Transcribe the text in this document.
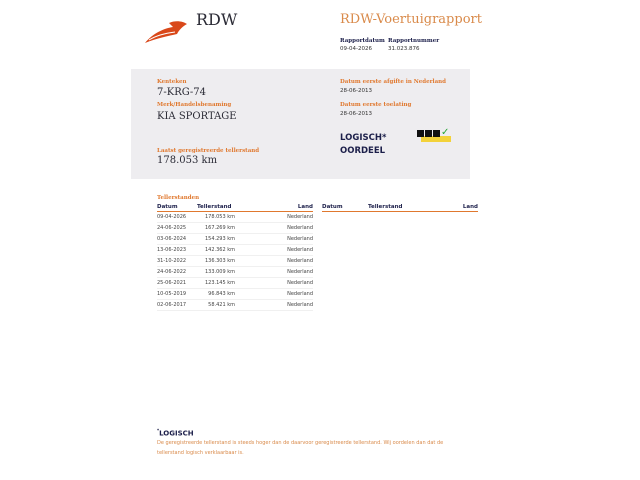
RDW	RDW-Voertuigrapport
Rapportdatum
09-04-2026
Rapportnummer
31.023.876
Kenteken
7-KRG-74
Merk/Handelsbenaming
KIA SPORTAGE
Laatst geregistreerde tellerstand
178.053 km
Datum eerste afgifte in Nederland
28-06-2013
Datum eerste toelating
28-06-2013
LOGISCH*
OORDEEL
✓
Tellerstanden
Datum	Tellerstand	Land
09-04-2026	178.053 km	Nederland
24-06-2025	167.269 km	Nederland
03-06-2024	154.293 km	Nederland
13-06-2023	142.362 km	Nederland
31-10-2022	136.303 km	Nederland
24-06-2022	133.009 km	Nederland
25-06-2021	123.145 km	Nederland
10-05-2019	96.843 km	Nederland
02-06-2017	58.421 km	Nederland
Datum	Tellerstand	Land
*LOGISCH
De geregistreerde tellerstand is steeds hoger dan de daarvoor geregistreerde tellerstand. Wij oordelen dan dat de tellerstand logisch verklaarbaar is.
